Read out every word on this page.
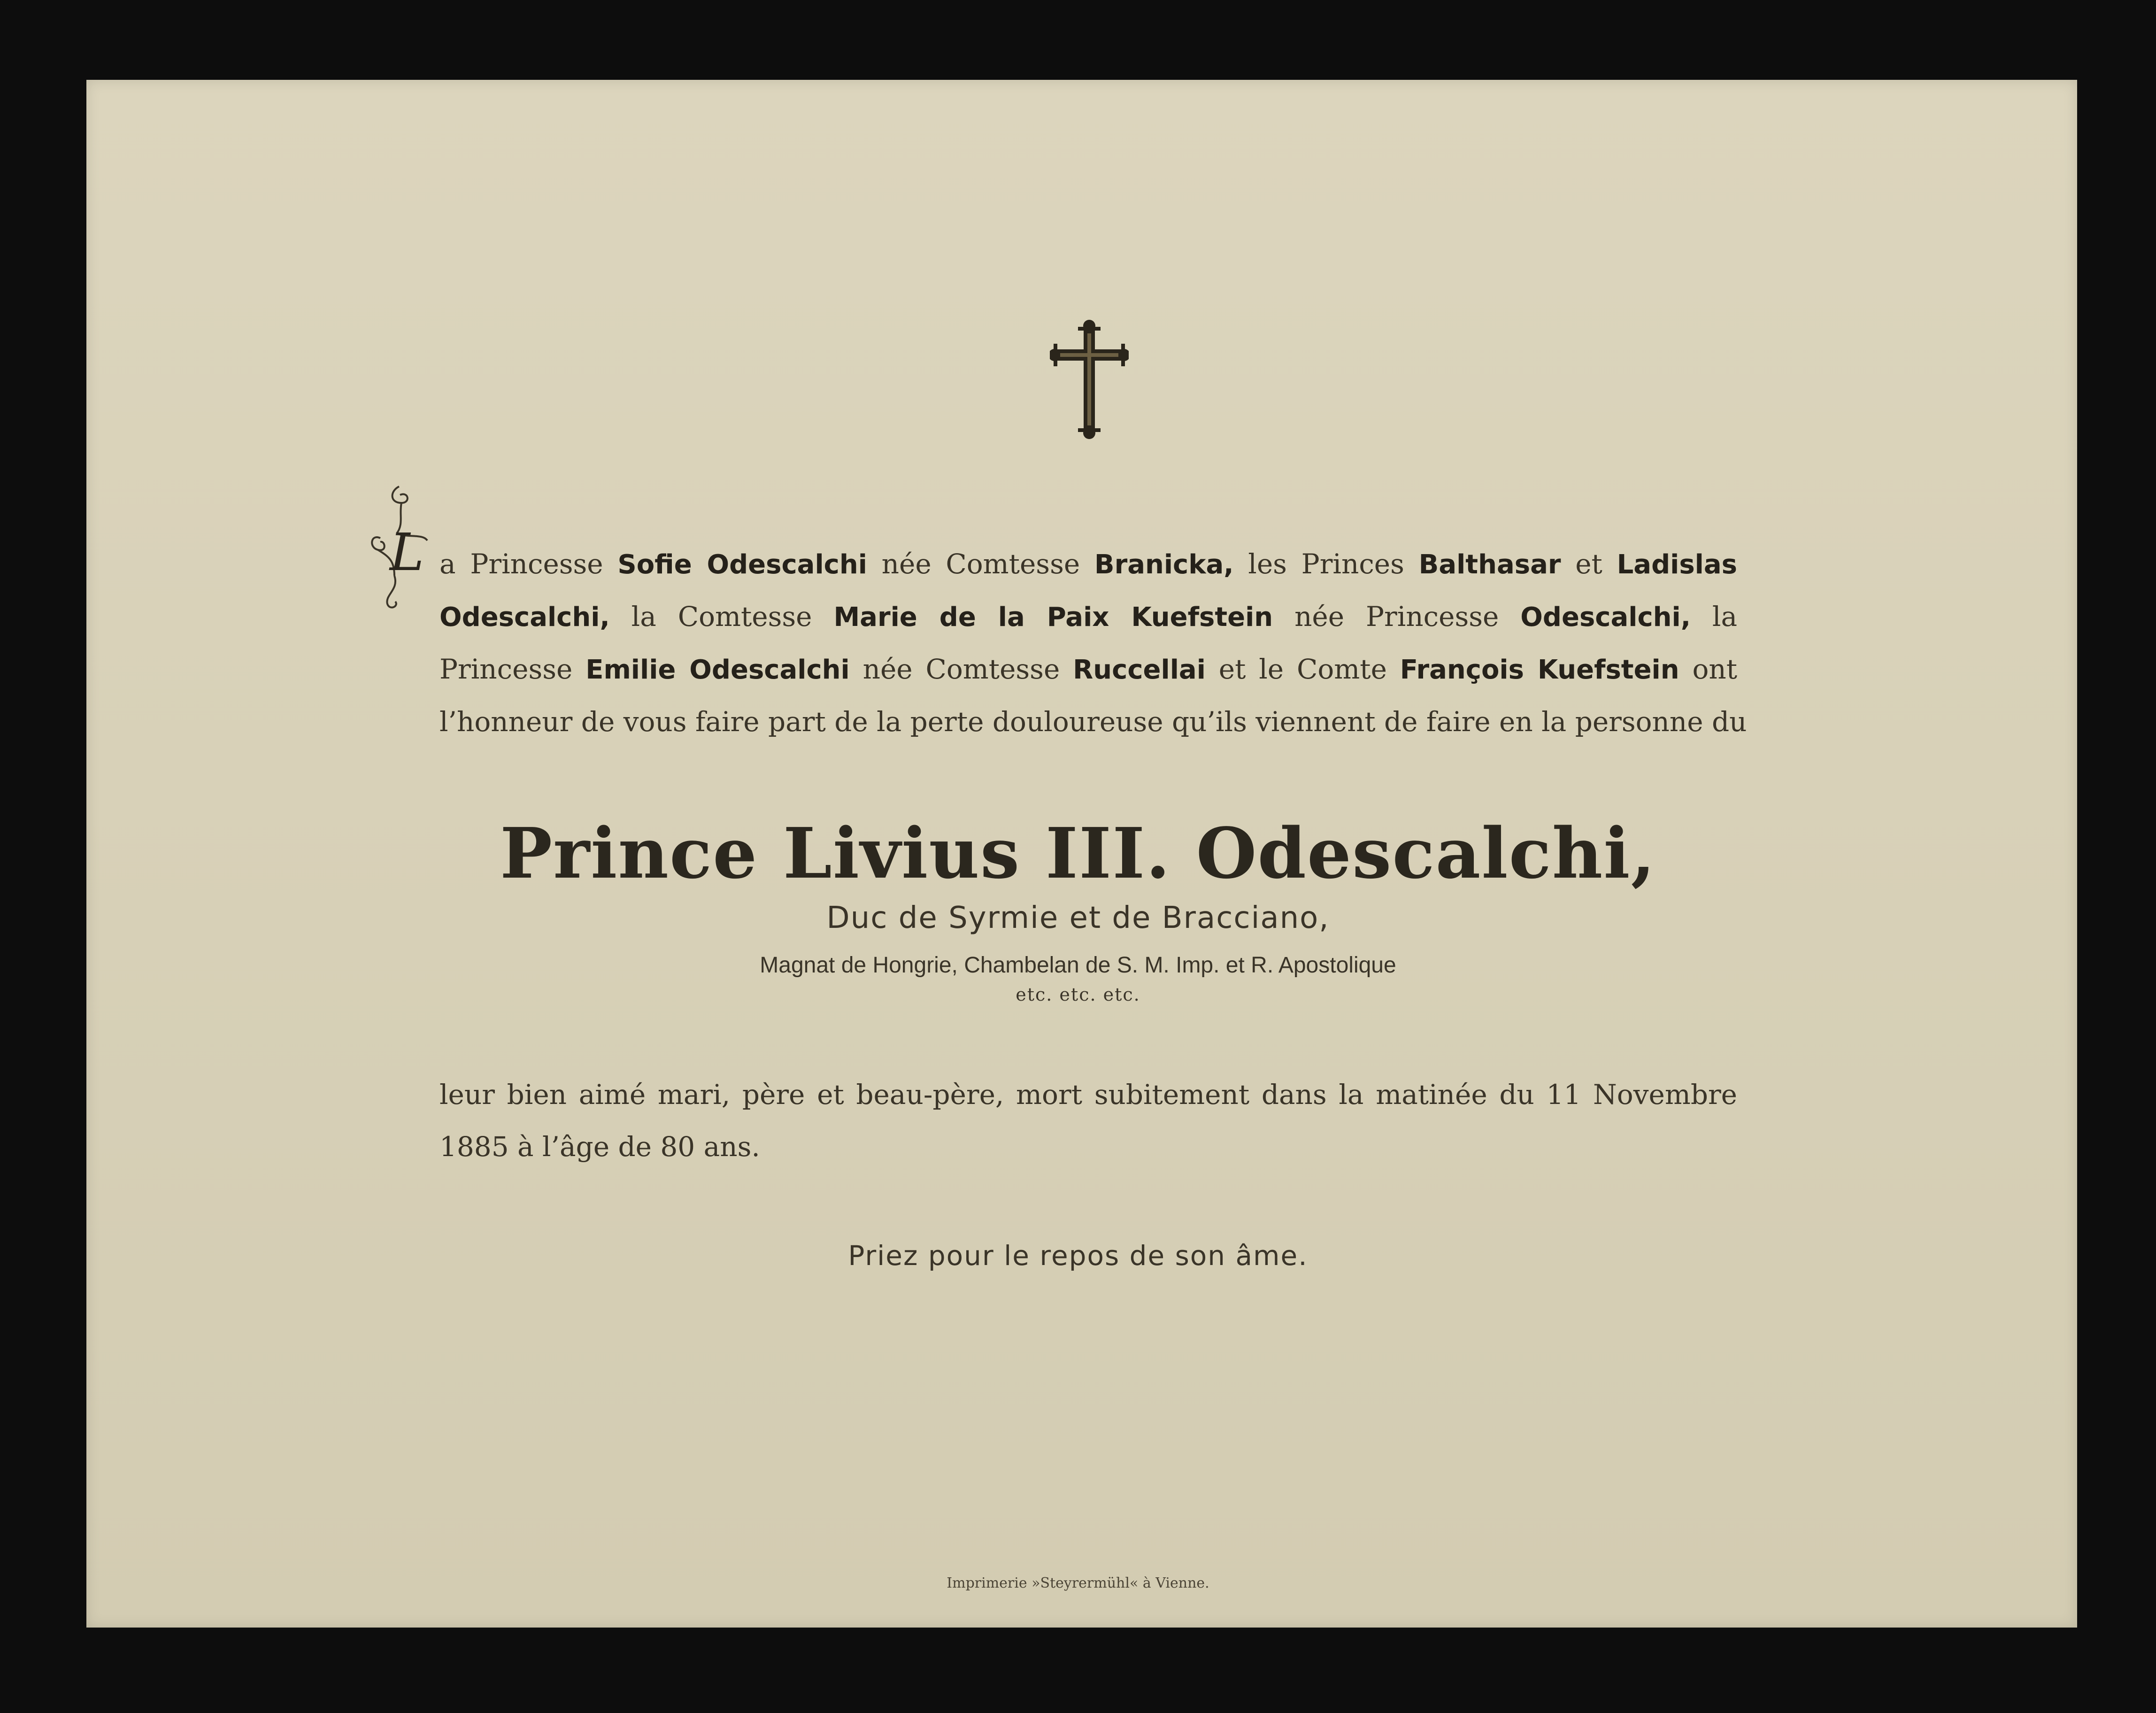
L a Princesse Sofie Odescalchi née Comtesse Branicka, les Princes Balthasar et Ladislas
Odescalchi, la Comtesse Marie de la Paix Kuefstein née Princesse Odescalchi, la
Princesse Emilie Odescalchi née Comtesse Ruccellai et le Comte François Kuefstein ont
l’honneur de vous faire part de la perte douloureuse qu’ils viennent de faire en la personne du
Prince Livius III. Odescalchi,
Duc de Syrmie et de Bracciano,
Magnat de Hongrie, Chambelan de S. M. Imp. et R. Apostolique
etc. etc. etc.
leur bien aimé mari, père et beau-père, mort subitement dans la matinée du 11 Novembre
1885 à l’âge de 80 ans.
Priez pour le repos de son âme.
Imprimerie »Steyrermühl« à Vienne.
